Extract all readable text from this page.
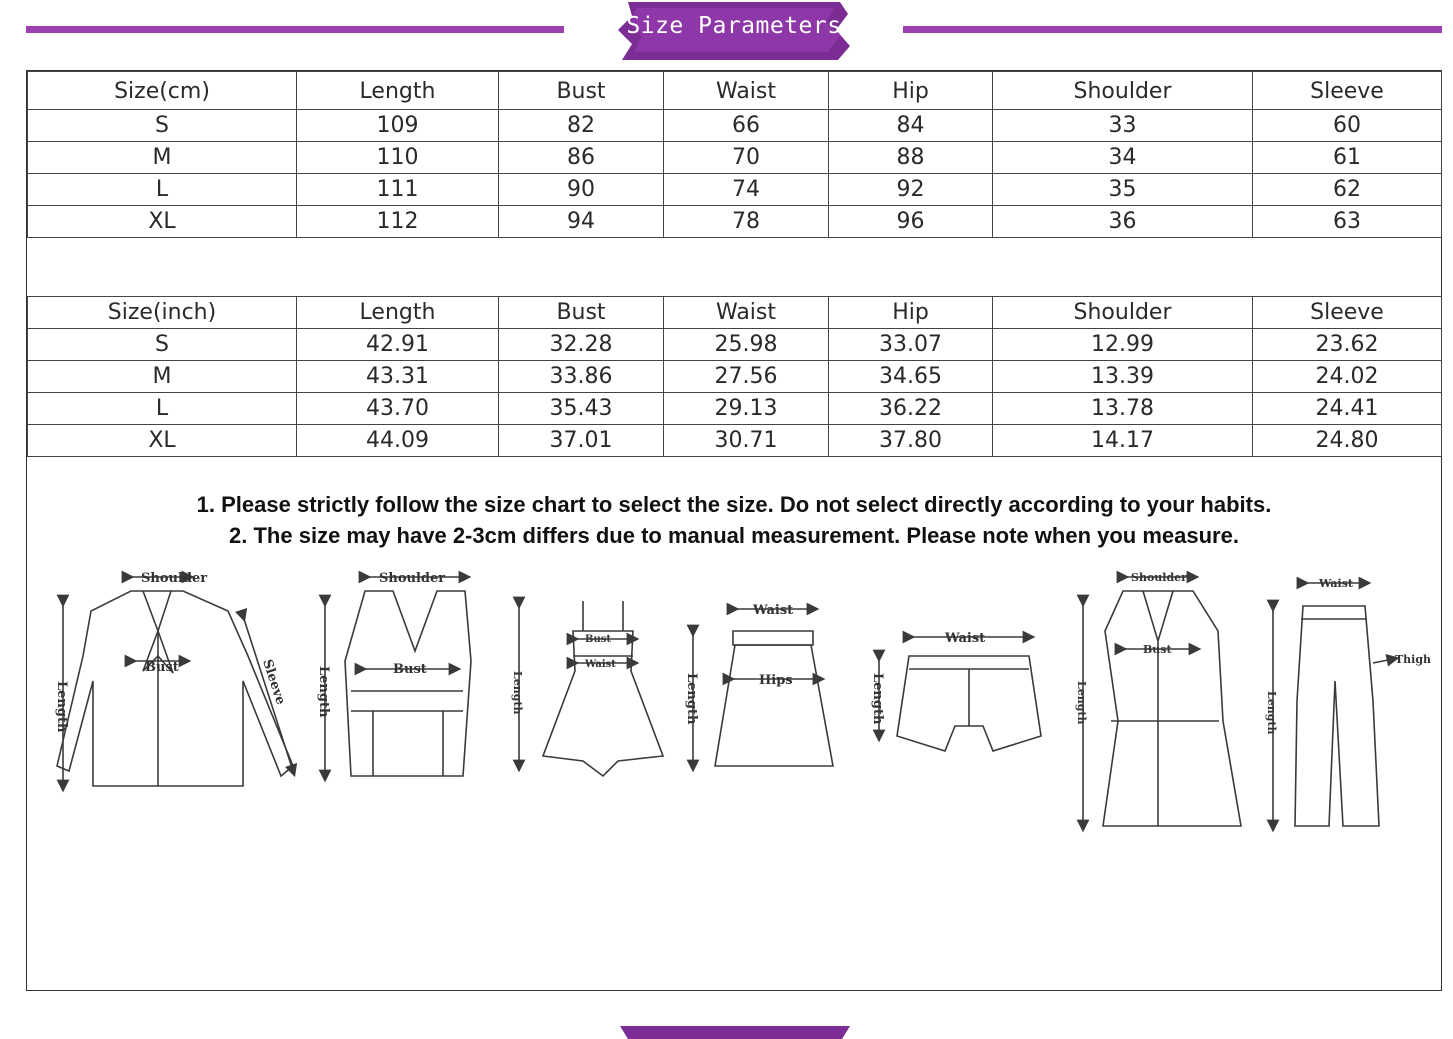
Size Parameters
Size(cm)	Length	Bust	Waist	Hip	Shoulder	Sleeve
S	109	82	66	84	33	60
M	110	86	70	88	34	61
L	111	90	74	92	35	62
XL	112	94	78	96	36	63
Size(inch)	Length	Bust	Waist	Hip	Shoulder	Sleeve
S	42.91	32.28	25.98	33.07	12.99	23.62
M	43.31	33.86	27.56	34.65	13.39	24.02
L	43.70	35.43	29.13	36.22	13.78	24.41
XL	44.09	37.01	30.71	37.80	14.17	24.80
1. Please strictly follow the size chart to select the size. Do not select directly according to your habits.
2. The size may have 2-3cm differs due to manual measurement. Please note when you measure.
Shoulder
Bust
Length	Sleeve
Shoulder
Bust
Length
Bust
Waist
Length
Waist
Hips
Length
Waist
Length
Shoulder
Bust
Length
Waist
Thigh
Length
